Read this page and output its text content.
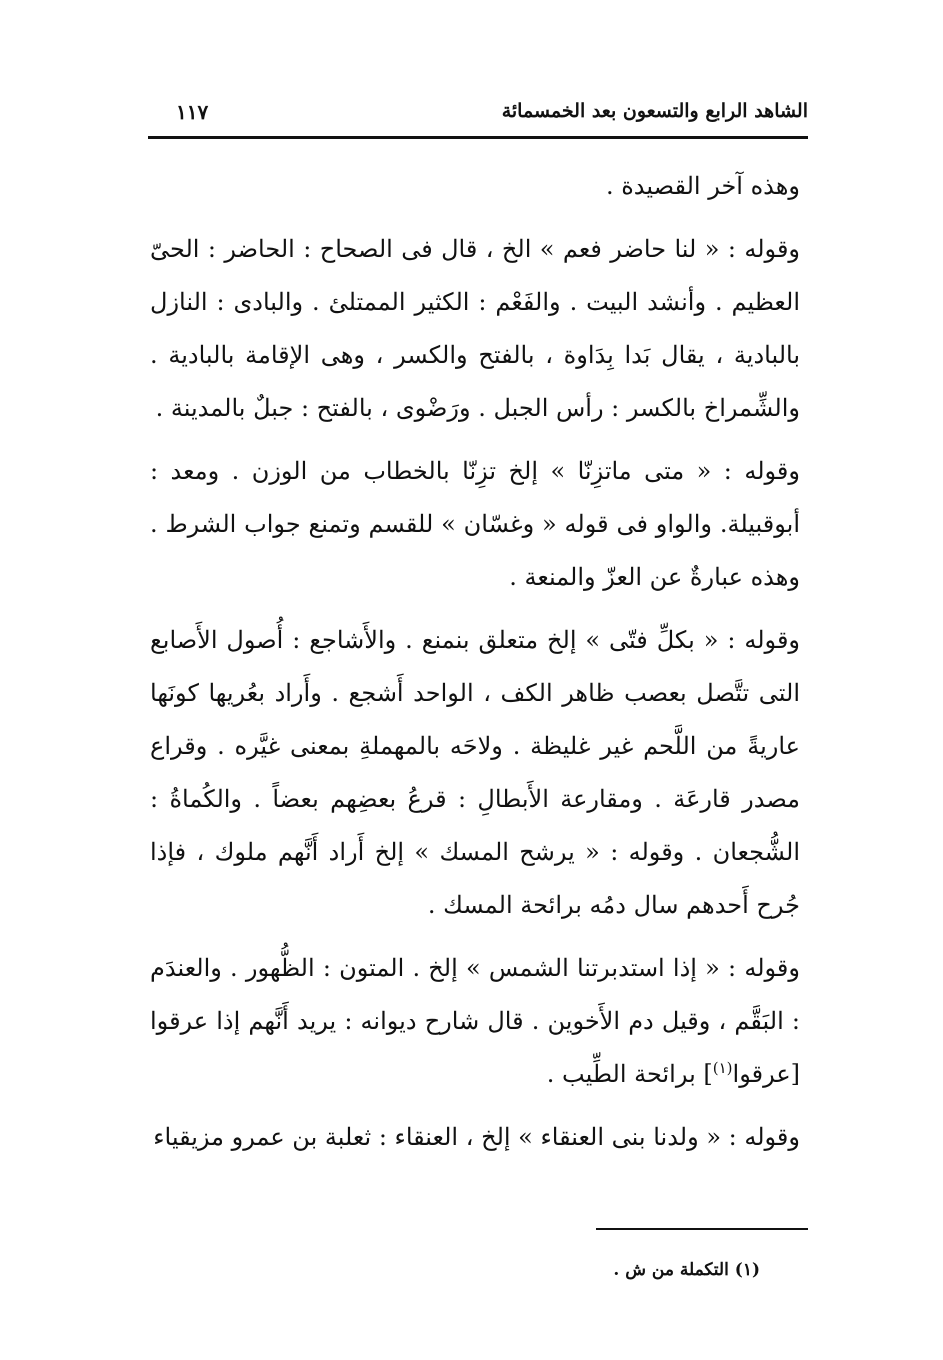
الشاهد الرابع والتسعون بعد الخمسمائة
١١٧

وهذه آخر القصيدة .

وقوله : « لنا حاضر فعم » الخ ، قال فى الصحاح : الحاضر : الحىّ العظيم . وأنشد البيت . والفَعْم : الكثير الممتلئ . والبادى : النازل بالبادية ، يقال بَدا بِدَاوة ، بالفتح والكسر ، وهى الإقامة بالبادية . والشِّمراخ بالكسر : رأس الجبل . ورَضْوى ، بالفتح : جبلٌ بالمدينة .

وقوله : « متى ماتزِنّا » إلخ تزِنّا بالخطاب من الوزن . ومعد : أبوقبيلة. والواو فى قوله « وغسّان » للقسم وتمنع جواب الشرط . وهذه عبارةٌ عن العزّ والمنعة .

وقوله : « بكلِّ فتّى » إلخ متعلق بنمنع . والأَشاجع : أُصول الأَصابع التى تتَّصل بعصب ظاهر الكف ، الواحد أَشجع . وأَراد بعُريها كونَها عاريةً من اللَّحم غير غليظة . ولاحَه بالمهملةِ بمعنى غيَّره . وقراع مصدر قارعَة . ومقارعة الأَبطالِ : قرعُ بعضِهم بعضاً . والكُماةُ : الشُّجعان . وقوله : « يرشح المسك » إلخ أَراد أَنَّهم ملوك ، فإذا جُرح أَحدهم سال دمُه برائحة المسك .

وقوله : « إذا استدبرتنا الشمس » إلخ . المتون : الظُّهور . والعندَم : البَقَّم ، وقيل دم الأَخوين . قال شارح ديوانه : يريد أَنَّهم إذا عرقوا [عرقوا$^{(١)}$] برائحة الطِّيب .

وقوله : « ولدنا بنى العنقاء » إلخ ، العنقاء : ثعلبة بن عمرو مزيقياء

(١) التكملة من ش .
